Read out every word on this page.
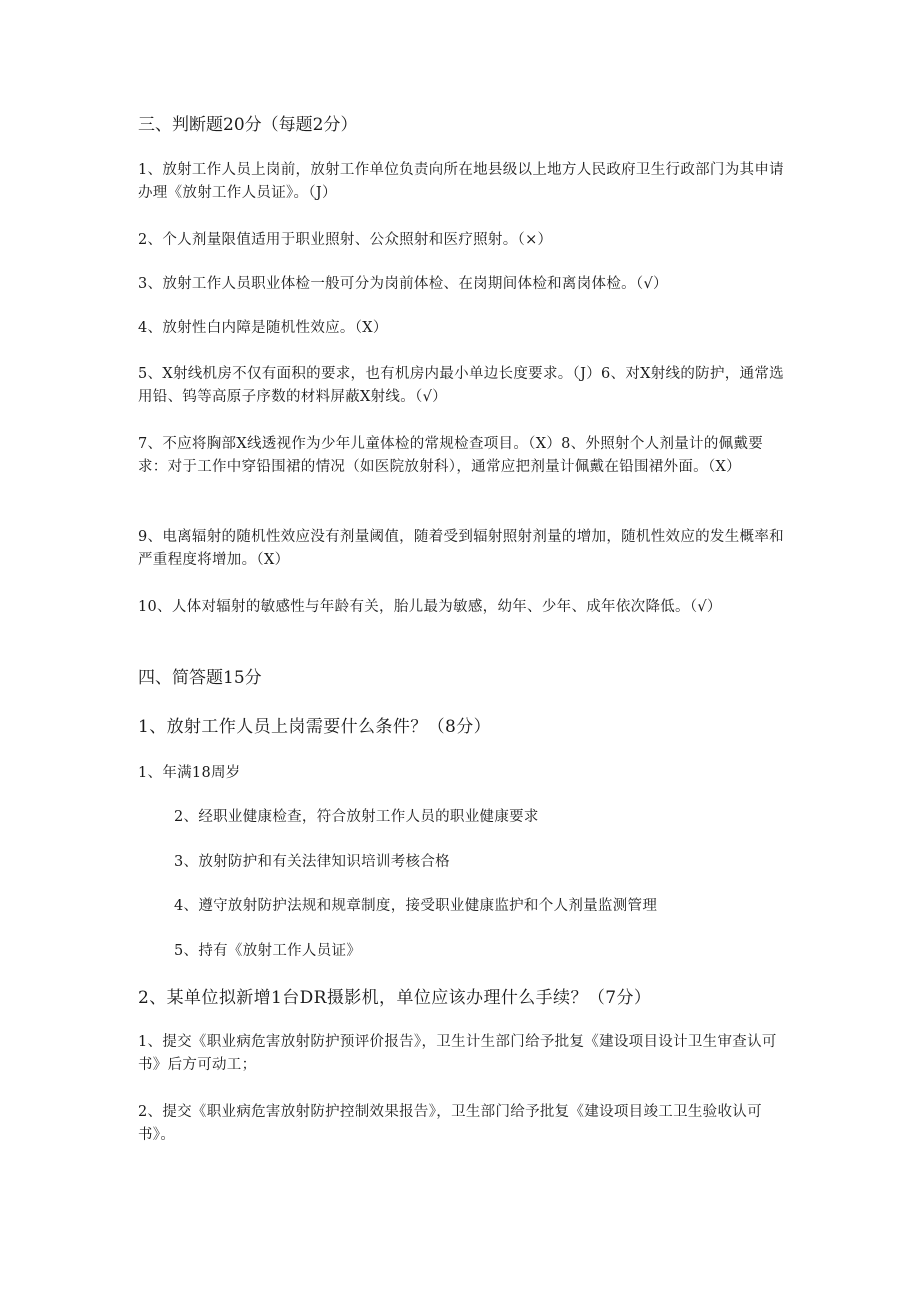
三、判断题20分（每题2分）
1、放射工作人员上岗前，放射工作单位负责向所在地县级以上地方人民政府卫生行政部门为其申请办理《放射工作人员证》。（J）
2、个人剂量限值适用于职业照射、公众照射和医疗照射。（×）
3、放射工作人员职业体检一般可分为岗前体检、在岗期间体检和离岗体检。（√）
4、放射性白内障是随机性效应。（X）
5、X射线机房不仅有面积的要求，也有机房内最小单边长度要求。（J）6、对X射线的防护，通常选用铅、钨等高原子序数的材料屏蔽X射线。（√）
7、不应将胸部X线透视作为少年儿童体检的常规检查项目。（X）8、外照射个人剂量计的佩戴要求：对于工作中穿铅围裙的情况（如医院放射科），通常应把剂量计佩戴在铅围裙外面。（X）
9、电离辐射的随机性效应没有剂量阈值，随着受到辐射照射剂量的增加，随机性效应的发生概率和严重程度将增加。（X）
10、人体对辐射的敏感性与年龄有关，胎儿最为敏感，幼年、少年、成年依次降低。（√）
四、简答题15分
1、放射工作人员上岗需要什么条件？（8分）
1、年满18周岁
2、经职业健康检查，符合放射工作人员的职业健康要求
3、放射防护和有关法律知识培训考核合格
4、遵守放射防护法规和规章制度，接受职业健康监护和个人剂量监测管理
5、持有《放射工作人员证》
2、某单位拟新增1台DR摄影机，单位应该办理什么手续？（7分）
1、提交《职业病危害放射防护预评价报告》，卫生计生部门给予批复《建设项目设计卫生审查认可书》后方可动工；
2、提交《职业病危害放射防护控制效果报告》，卫生部门给予批复《建设项目竣工卫生验收认可书》。
